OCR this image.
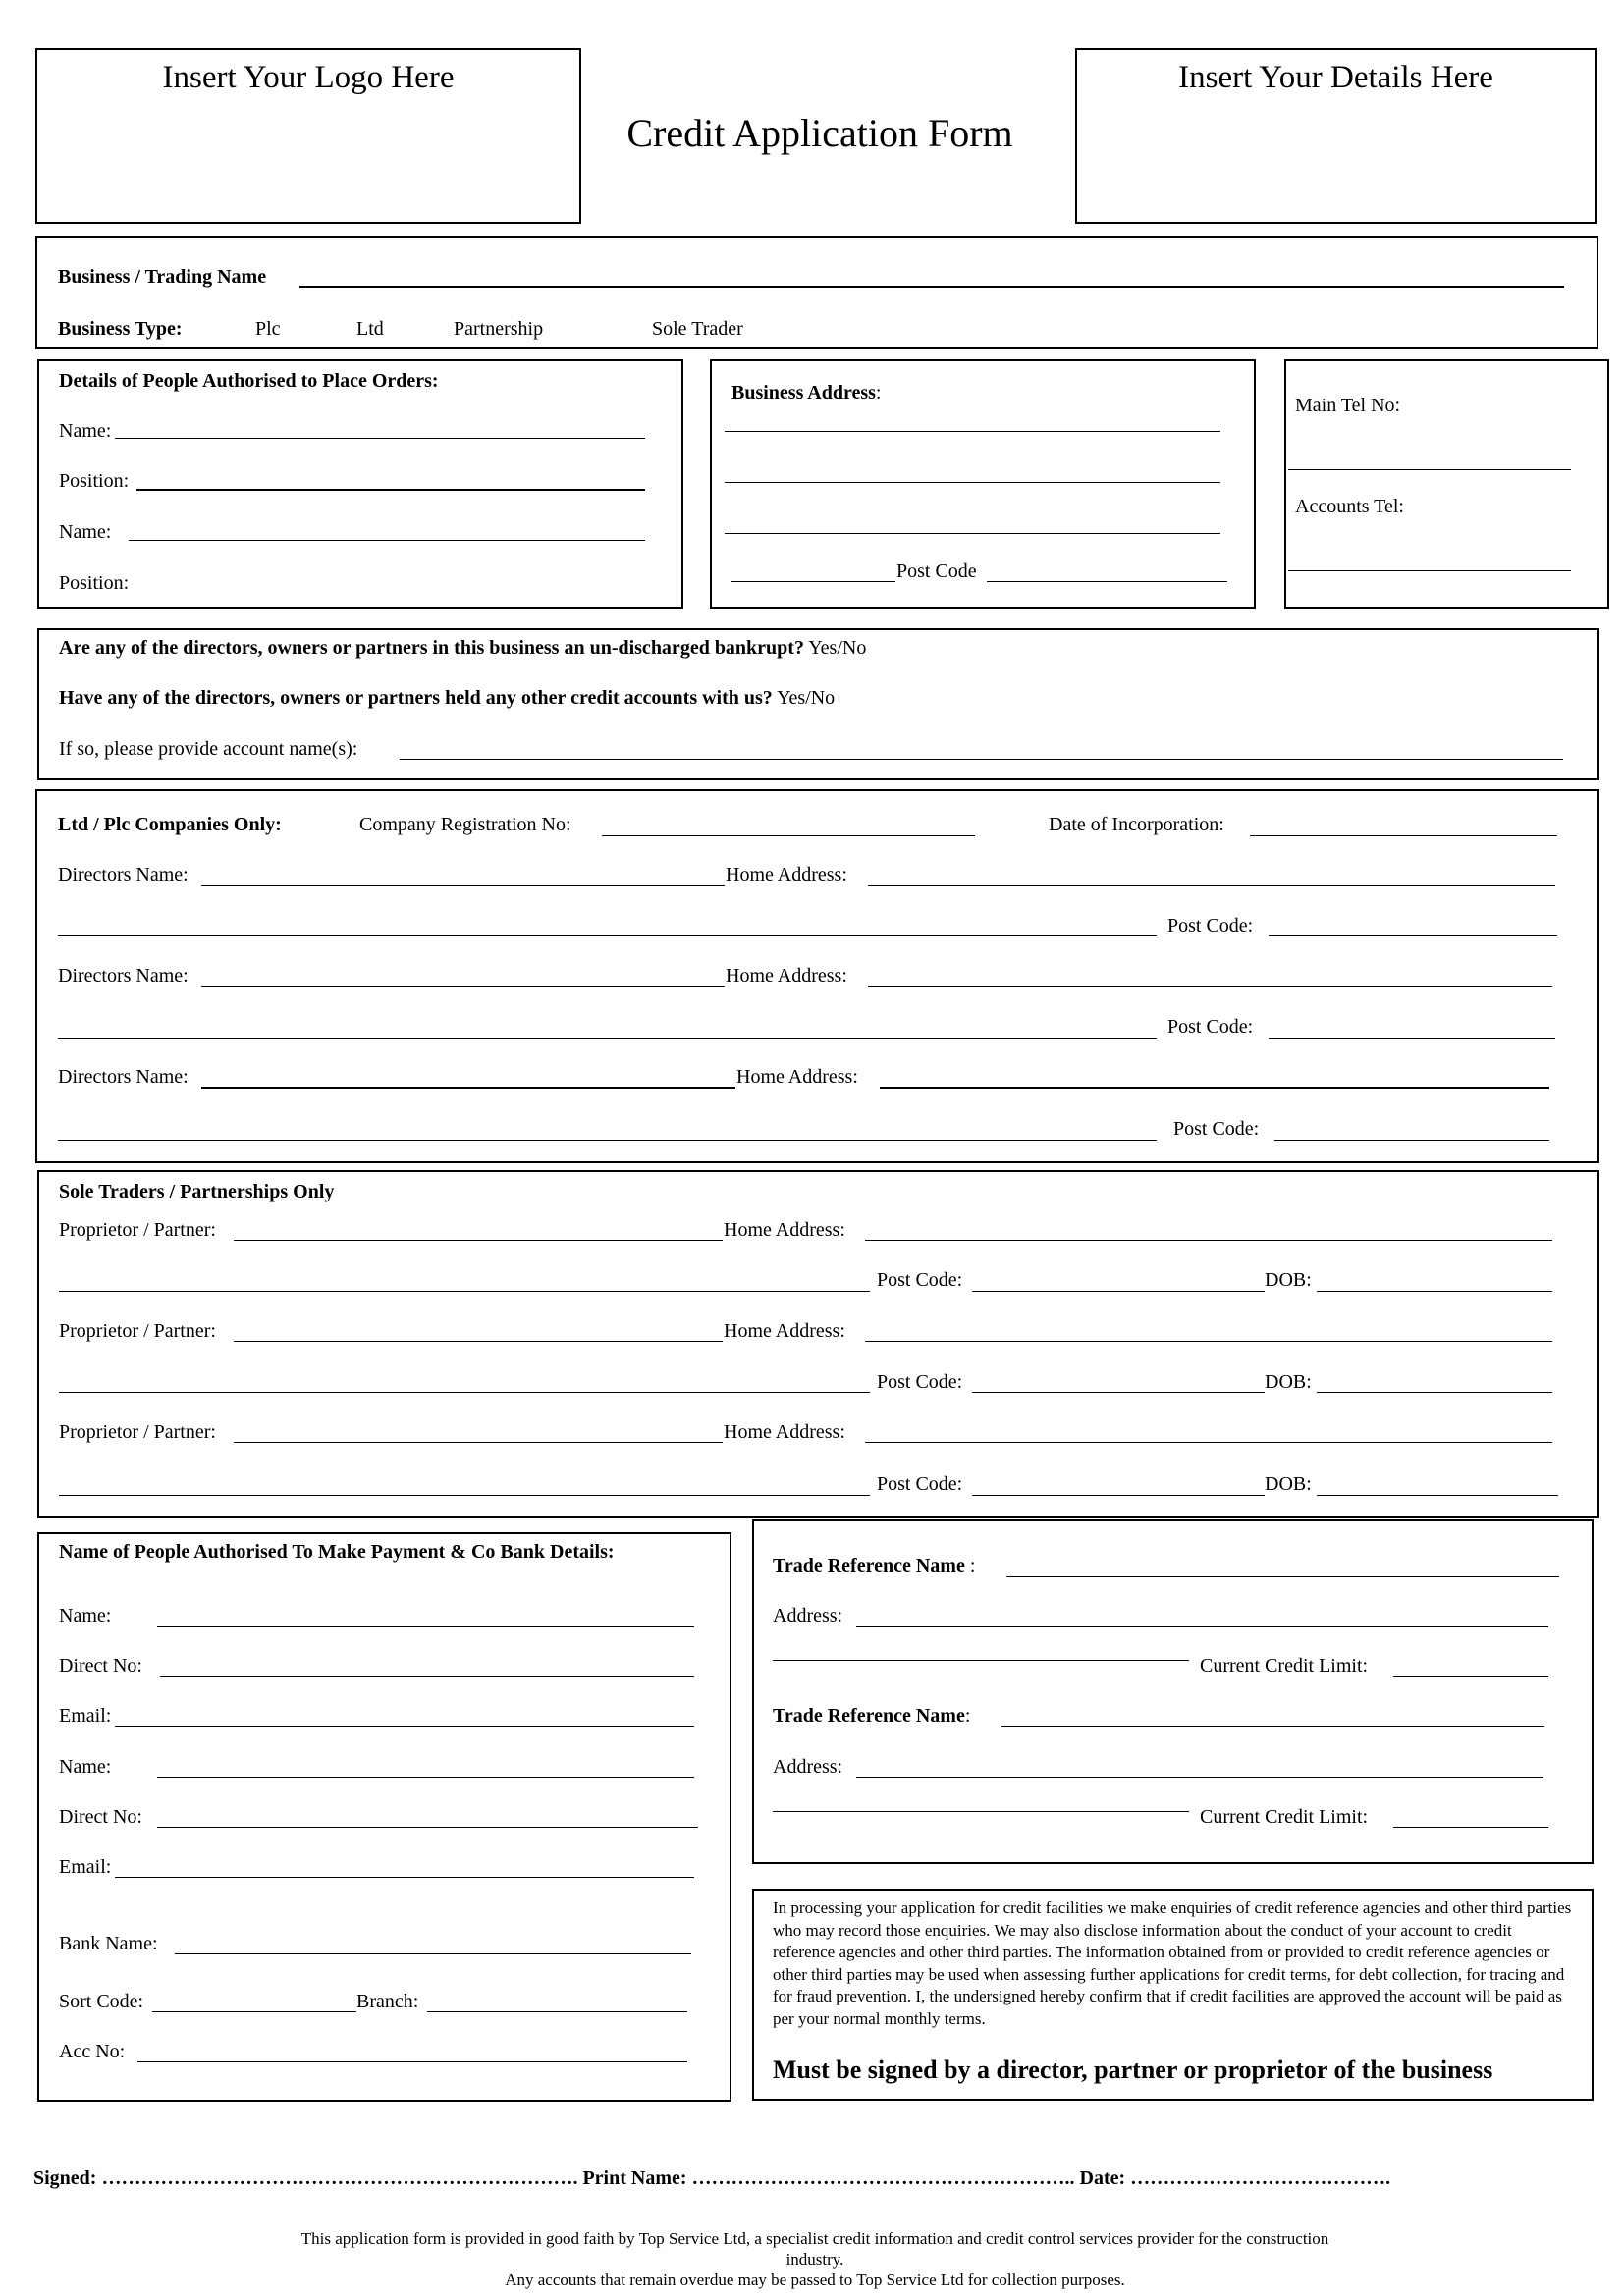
Insert Your Logo Here
Credit Application Form
Insert Your Details Here
Business / Trading Name
Business Type:	Plc	Ltd	Partnership	Sole Trader
Details of People Authorised to Place Orders:
Name:
Position:
Name:
Position:
Business Address:
Post Code
Main Tel No:
Accounts Tel:
Are any of the directors, owners or partners in this business an un-discharged bankrupt? Yes/No
Have any of the directors, owners or partners held any other credit accounts with us? Yes/No
If so, please provide account name(s):
Ltd / Plc Companies Only:	Company Registration No:	Date of Incorporation:
Directors Name:	Home Address:
Post Code:
Directors Name:	Home Address:
Post Code:
Directors Name:	Home Address:
Post Code:
Sole Traders / Partnerships Only
Proprietor / Partner:	Home Address:
Post Code:	DOB:
Proprietor / Partner:	Home Address:
Post Code:	DOB:
Proprietor / Partner:	Home Address:
Post Code:	DOB:
Name of People Authorised To Make Payment & Co Bank Details:
Name:
Direct No:
Email:
Name:
Direct No:
Email:
Bank Name:
Sort Code:	Branch:
Acc No:
Trade Reference Name :
Address:
Current Credit Limit:
Trade Reference Name:
Address:
Current Credit Limit:
In processing your application for credit facilities we make enquiries of credit reference agencies and other third parties who may record those enquiries. We may also disclose information about the conduct of your account to credit reference agencies and other third parties. The information obtained from or provided to credit reference agencies or other third parties may be used when assessing further applications for credit terms, for debt collection, for tracing and for fraud prevention. I, the undersigned hereby confirm that if credit facilities are approved the account will be paid as per your normal monthly terms.
Must be signed by a director, partner or proprietor of the business
Signed: ………………………………………………………………. Print Name: ………………………………………………….. Date: ………………………………….
This application form is provided in good faith by Top Service Ltd, a specialist credit information and credit control services provider for the construction
industry.
Any accounts that remain overdue may be passed to Top Service Ltd for collection purposes.
